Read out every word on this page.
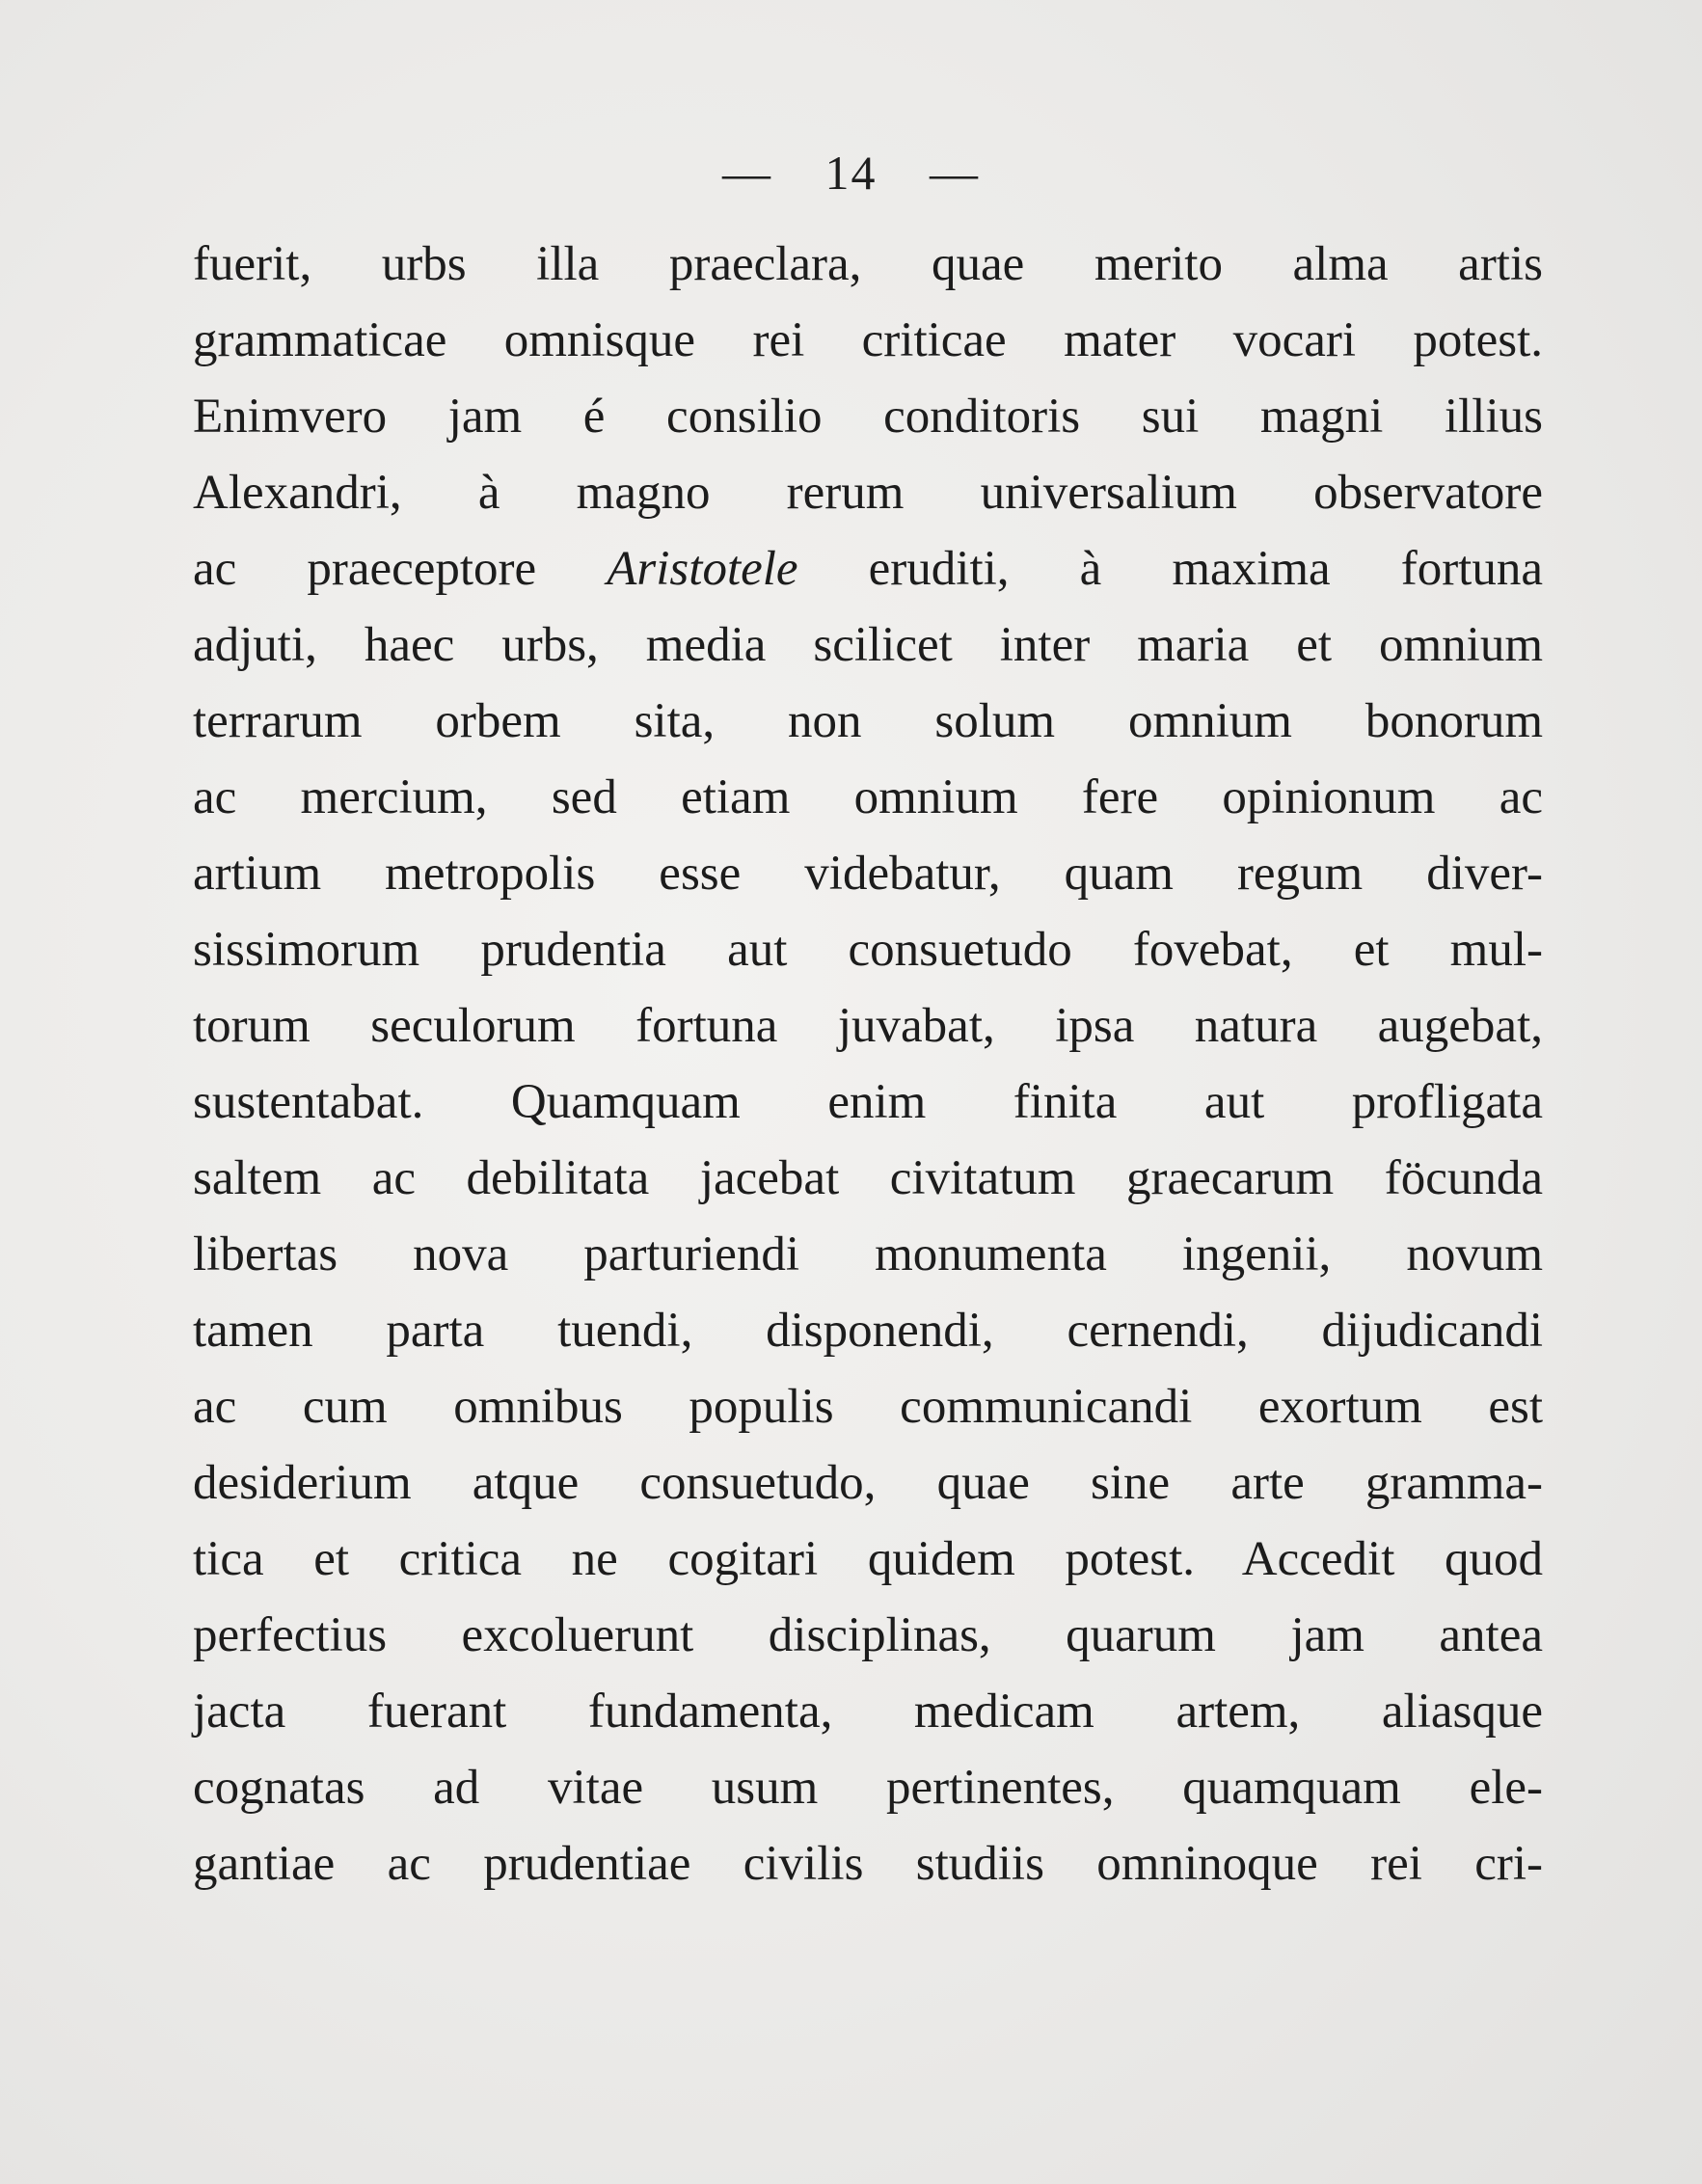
— 14 —
fuerit, urbs illa praeclara, quae merito alma artis
grammaticae omnisque rei criticae mater vocari potest.
Enimvero jam é consilio conditoris sui magni illius
Alexandri, à magno rerum universalium observatore
ac praeceptore Aristotele eruditi, à maxima fortuna
adjuti, haec urbs, media scilicet inter maria et omnium
terrarum orbem sita, non solum omnium bonorum
ac mercium, sed etiam omnium fere opinionum ac
artium metropolis esse videbatur, quam regum diver-
sissimorum prudentia aut consuetudo fovebat, et mul-
torum seculorum fortuna juvabat, ipsa natura augebat,
sustentabat. Quamquam enim finita aut profligata
saltem ac debilitata jacebat civitatum graecarum föcunda
libertas nova parturiendi monumenta ingenii, novum
tamen parta tuendi, disponendi, cernendi, dijudicandi
ac cum omnibus populis communicandi exortum est
desiderium atque consuetudo, quae sine arte gramma-
tica et critica ne cogitari quidem potest. Accedit quod
perfectius excoluerunt disciplinas, quarum jam antea
jacta fuerant fundamenta, medicam artem, aliasque
cognatas ad vitae usum pertinentes, quamquam ele-
gantiae ac prudentiae civilis studiis omninoque rei cri-
